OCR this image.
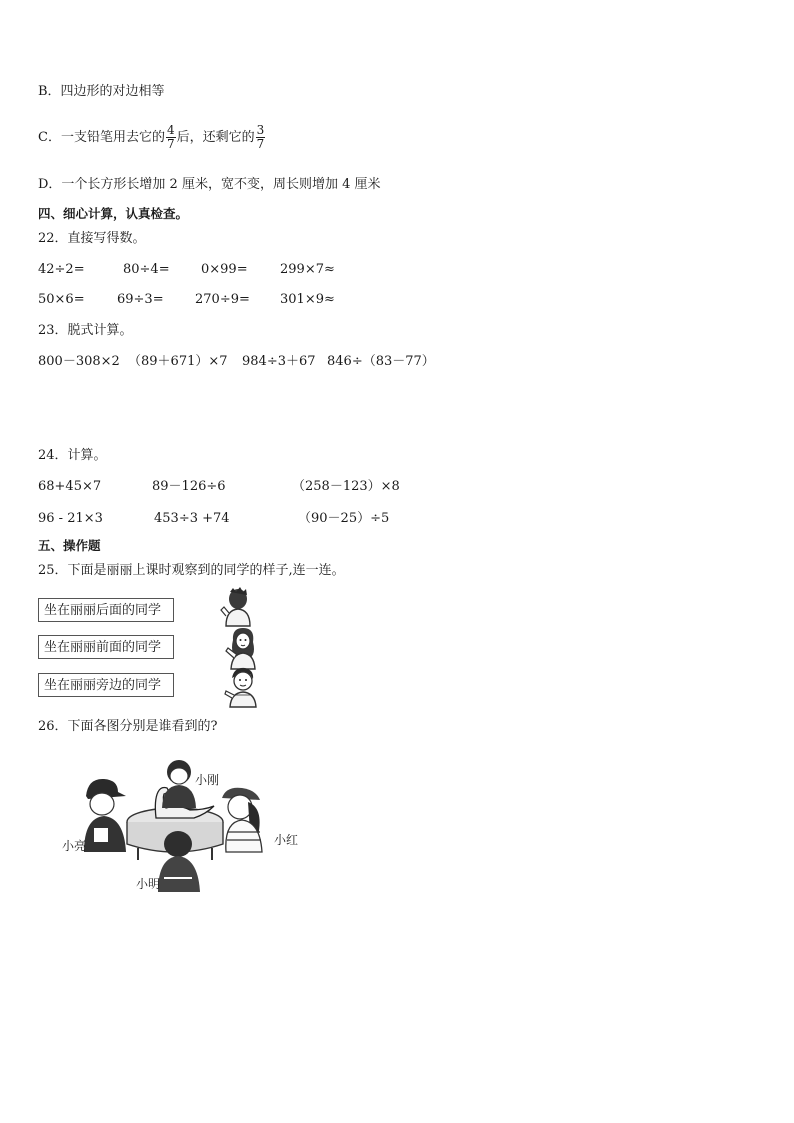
B．四边形的对边相等
C．一支铅笔用去它的 $\frac{4}{7}$ 后，还剩它的 $\frac{3}{7}$
D．一个长方形长增加 2 厘米，宽不变，周长则增加 4 厘米
四、细心计算，认真检查。
22．直接写得数。
42÷2=	80÷4= 0×99= 299×7≈
50×6= 69÷3= 270÷9= 301×9≈
23．脱式计算。
800－308×2 （89＋671）×7 984÷3＋67 846÷（83－77）
24．计算。
68+45×7	89－126÷6	（258－123）×8
96 - 21×3	453÷3 +74	（90－25）÷5
五、操作题
25．下面是丽丽上课时观察到的同学的样子,连一连。
坐在丽丽后面的同学
坐在丽丽前面的同学
坐在丽丽旁边的同学
26．下面各图分别是谁看到的?
小刚
小亮	小红
小明
